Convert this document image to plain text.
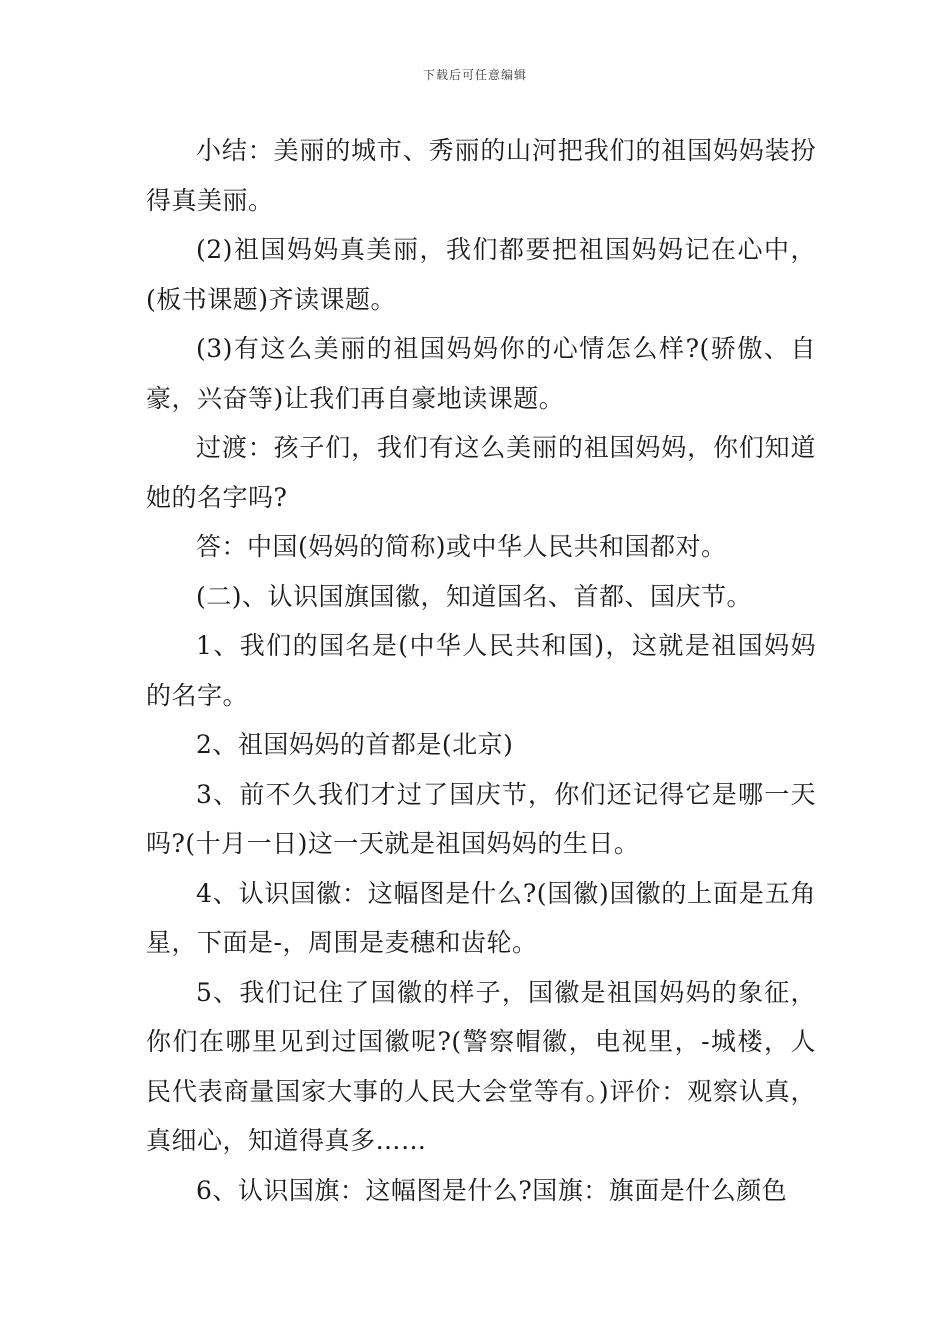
下载后可任意编辑

小结：美丽的城市、秀丽的山河把我们的祖国妈妈装扮得真美丽。

(2)祖国妈妈真美丽，我们都要把祖国妈妈记在心中，(板书课题)齐读课题。

(3)有这么美丽的祖国妈妈你的心情怎么样?(骄傲、自豪，兴奋等)让我们再自豪地读课题。

过渡：孩子们，我们有这么美丽的祖国妈妈，你们知道她的名字吗?

答：中国(妈妈的简称)或中华人民共和国都对。

(二)、认识国旗国徽，知道国名、首都、国庆节。

1、我们的国名是(中华人民共和国)，这就是祖国妈妈的名字。

2、祖国妈妈的首都是(北京)

3、前不久我们才过了国庆节，你们还记得它是哪一天吗?(十月一日)这一天就是祖国妈妈的生日。

4、认识国徽：这幅图是什么?(国徽)国徽的上面是五角星，下面是-，周围是麦穗和齿轮。

5、我们记住了国徽的样子，国徽是祖国妈妈的象征，你们在哪里见到过国徽呢?(警察帽徽，电视里，-城楼，人民代表商量国家大事的人民大会堂等有。)评价：观察认真，真细心，知道得真多……

6、认识国旗：这幅图是什么?国旗：旗面是什么颜色
